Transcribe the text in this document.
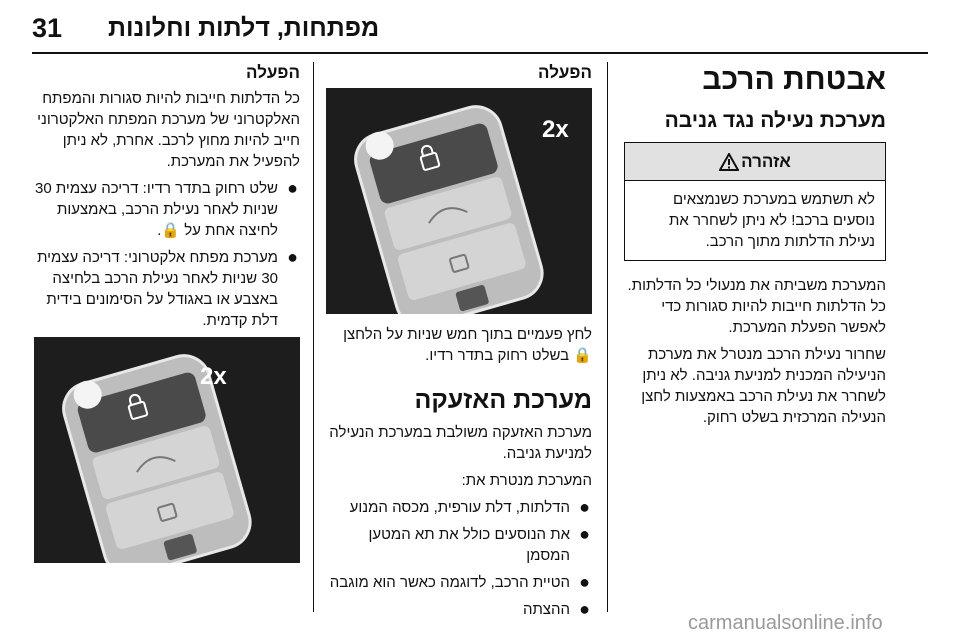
31 מפתחות, דלתות וחלונות
אבטחת הרכב
מערכת נעילה נגד גניבה
אזהרה
לא תשתמש במערכת כשנמצאים נוסעים ברכב! לא ניתן לשחרר את נעילת הדלתות מתוך הרכב.

המערכת משביתה את מנעולי כל הדלתות. כל הדלתות חייבות להיות סגורות כדי לאפשר הפעלת המערכת.

שחרור נעילת הרכב מנטרל את מערכת הניעילה המכנית למניעת גניבה. לא ניתן לשחרר את נעילת הרכב באמצעות לחצן הנעילה המרכזית בשלט רחוק.

הפעלה
2x

לחץ פעמיים בתוך חמש שניות על הלחצן 🔒 בשלט רחוק בתדר רדיו.

מערכת האזעקה

מערכת האזעקה משולבת במערכת הנעילה למניעת גניבה.

המערכת מנטרת את:

●
הדלתות, דלת עורפית, מכסה המנוע
●
את הנוסעים כולל את תא המטען המסמן
●
הטיית הרכב, לדוגמה כאשר הוא מוגבה
●
ההצתה
הפעלה

כל הדלתות חייבות להיות סגורות והמפתח האלקטרוני של מערכת המפתח האלקטרוני חייב להיות מחוץ לרכב. אחרת, לא ניתן להפעיל את המערכת.

●
שלט רחוק בתדר רדיו: דריכה עצמית 30 שניות לאחר נעילת הרכב, באמצעות לחיצה אחת על 🔒.
●
מערכת מפתח אלקטרוני: דריכה עצמית 30 שניות לאחר נעילת הרכב בלחיצה באצבע או באגודל על הסימונים בידית דלת קדמית.
2x
carmanualsonline.info
